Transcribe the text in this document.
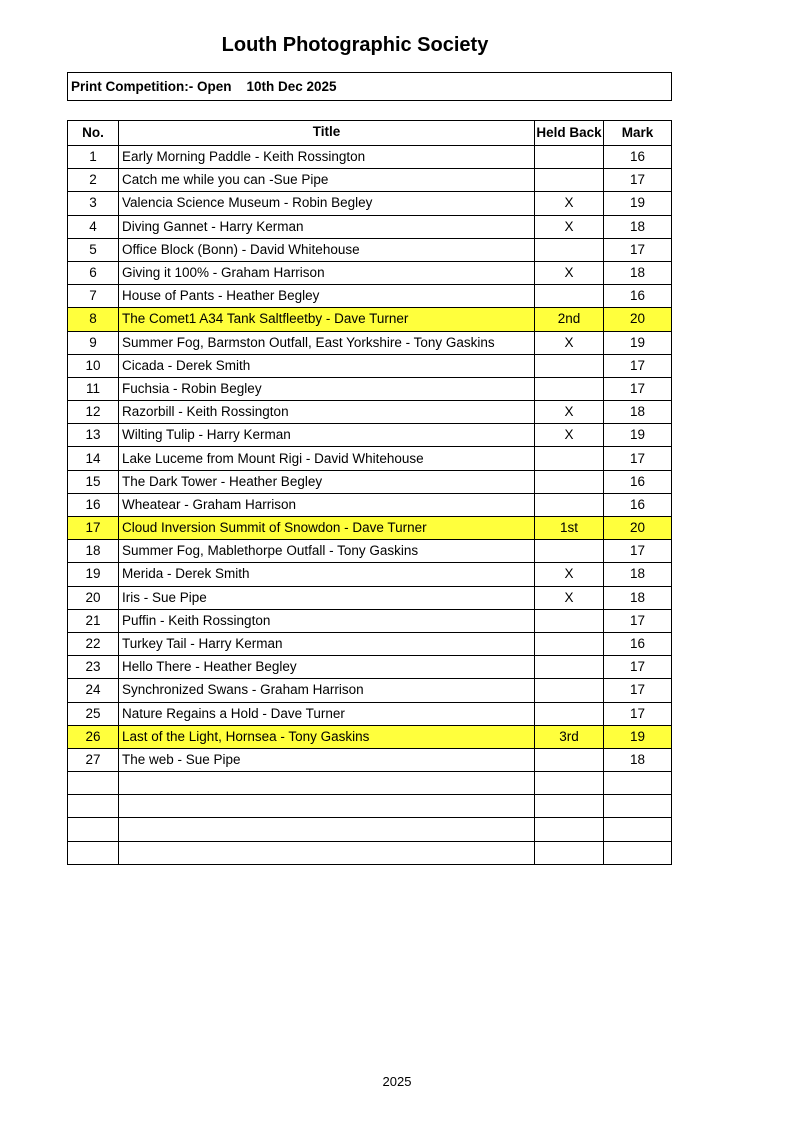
Louth Photographic Society
Print Competition:- Open    10th Dec 2025
No.	Title	Held Back	Mark
1	Early Morning Paddle - Keith Rossington		16
2	Catch me while you can -Sue Pipe		17
3	Valencia Science Museum - Robin Begley	X	19
4	Diving Gannet - Harry Kerman	X	18
5	Office Block (Bonn) - David Whitehouse		17
6	Giving it 100% - Graham Harrison	X	18
7	House of Pants - Heather Begley		16
8	The Comet1 A34 Tank Saltfleetby - Dave Turner	2nd	20
9	Summer Fog, Barmston Outfall, East Yorkshire - Tony Gaskins	X	19
10	Cicada - Derek Smith		17
11	Fuchsia - Robin Begley		17
12	Razorbill - Keith Rossington	X	18
13	Wilting Tulip - Harry Kerman	X	19
14	Lake Luceme from Mount Rigi - David Whitehouse		17
15	The Dark Tower - Heather Begley		16
16	Wheatear - Graham Harrison		16
17	Cloud Inversion Summit of Snowdon - Dave Turner	1st	20
18	Summer Fog, Mablethorpe Outfall - Tony Gaskins		17
19	Merida - Derek Smith	X	18
20	Iris - Sue Pipe	X	18
21	Puffin - Keith Rossington		17
22	Turkey Tail - Harry Kerman		16
23	Hello There - Heather Begley		17
24	Synchronized Swans - Graham Harrison		17
25	Nature Regains a Hold - Dave Turner		17
26	Last of the Light, Hornsea - Tony Gaskins	3rd	19
27	The web - Sue Pipe		18

2025
